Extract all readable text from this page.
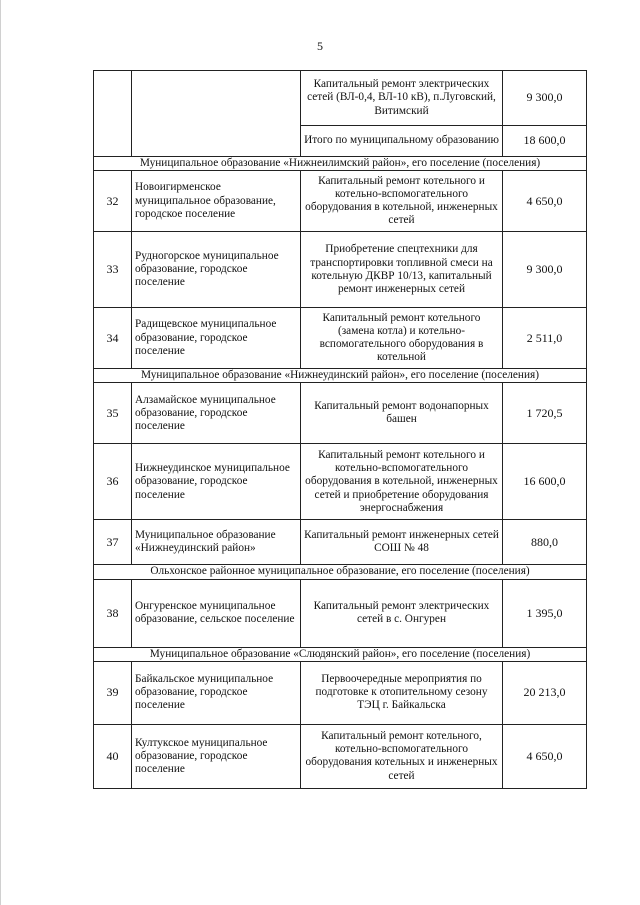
5
		Капитальный ремонт электрических сетей (ВЛ-0,4, ВЛ-10 кВ), п.Луговский, Витимский	9 300,0
		Итого по муниципальному образованию	18 600,0
Муниципальное образование «Нижнеилимский район», его поселение (поселения)			
32	Новоигирменское муниципальное образование, городское поселение	Капитальный ремонт котельного и котельно-вспомогательного оборудования в котельной, инженерных сетей	4 650,0
33	Рудногорское муниципальное образование, городское поселение	Приобретение спецтехники для транспортировки топливной смеси на котельную ДКВР 10/13, капитальный ремонт инженерных сетей	9 300,0
34	Радищевское муниципальное образование, городское поселение	Капитальный ремонт котельного (замена котла) и котельно-вспомогательного оборудования в котельной	2 511,0
Муниципальное образование «Нижнеудинский район», его поселение (поселения)			
35	Алзамайское муниципальное образование, городское поселение	Капитальный ремонт водонапорных башен	1 720,5
36	Нижнеудинское муниципальное образование, городское поселение	Капитальный ремонт котельного и котельно-вспомогательного оборудования в котельной, инженерных сетей и приобретение оборудования энергоснабжения	16 600,0
37	Муниципальное образование «Нижнеудинский район»	Капитальный ремонт инженерных сетей СОШ № 48	880,0
Ольхонское районное муниципальное образование, его поселение (поселения)			
38	Онгуренское муниципальное образование, сельское поселение	Капитальный ремонт электрических сетей в с. Онгурен	1 395,0
Муниципальное образование «Слюдянский район», его поселение (поселения)			
39	Байкальское муниципальное образование, городское поселение	Первоочередные мероприятия по подготовке к отопительному сезону ТЭЦ г. Байкальска	20 213,0
40	Култукское муниципальное образование, городское поселение	Капитальный ремонт котельного, котельно-вспомогательного оборудования котельных и инженерных сетей	4 650,0
